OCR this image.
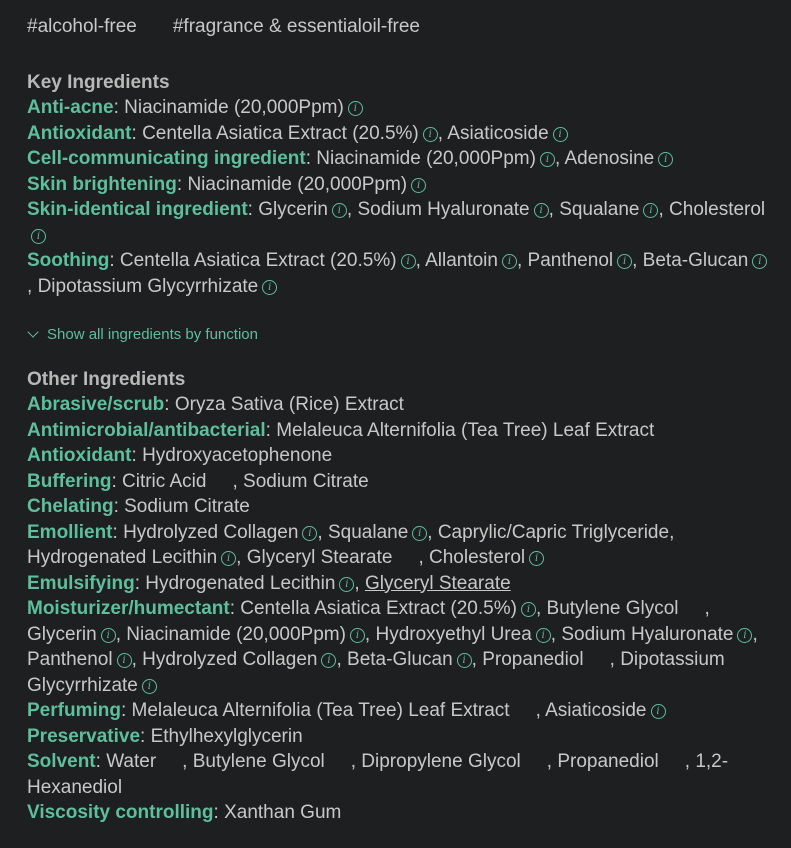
#alcohol-free #fragrance & essentialoil-free
Key Ingredients
Anti-acne: Niacinamide (20,000Ppm) i
Antioxidant: Centella Asiatica Extract (20.5%) i , Asiaticoside i
Cell-communicating ingredient: Niacinamide (20,000Ppm) i , Adenosine i
Skin brightening: Niacinamide (20,000Ppm) i
Skin-identical ingredient: Glycerin i , Sodium Hyaluronate i , Squalane i , Cholesteroli
Soothing: Centella Asiatica Extract (20.5%) i , Allantoin i , Panthenol i , Beta-Glucan i, Dipotassium Glycyrrhizate i
Show all ingredients by function
Other Ingredients
Abrasive/scrub: Oryza Sativa (Rice) Extract
Antimicrobial/antibacterial: Melaleuca Alternifolia (Tea Tree) Leaf Extract
Antioxidant: Hydroxyacetophenone
Buffering: Citric Acid , Sodium Citrate
Chelating: Sodium Citrate
Emollient: Hydrolyzed Collagen i , Squalane i , Caprylic/Capric Triglyceride, Hydrogenated Lecithin i , Glyceryl Stearate , Cholesterol i
Emulsifying: Hydrogenated Lecithin i , Glyceryl Stearate
Moisturizer/humectant: Centella Asiatica Extract (20.5%) i , Butylene Glycol , Glycerin i , Niacinamide (20,000Ppm) i , Hydroxyethyl Urea i , Sodium Hyaluronate i , Panthenol i , Hydrolyzed Collagen i , Beta-Glucan i , Propanediol , Dipotassium Glycyrrhizate i
Perfuming: Melaleuca Alternifolia (Tea Tree) Leaf Extract , Asiaticoside i
Preservative: Ethylhexylglycerin
Solvent: Water , Butylene Glycol , Dipropylene Glycol , Propanediol , 1,2-Hexanediol
Viscosity controlling: Xanthan Gum
